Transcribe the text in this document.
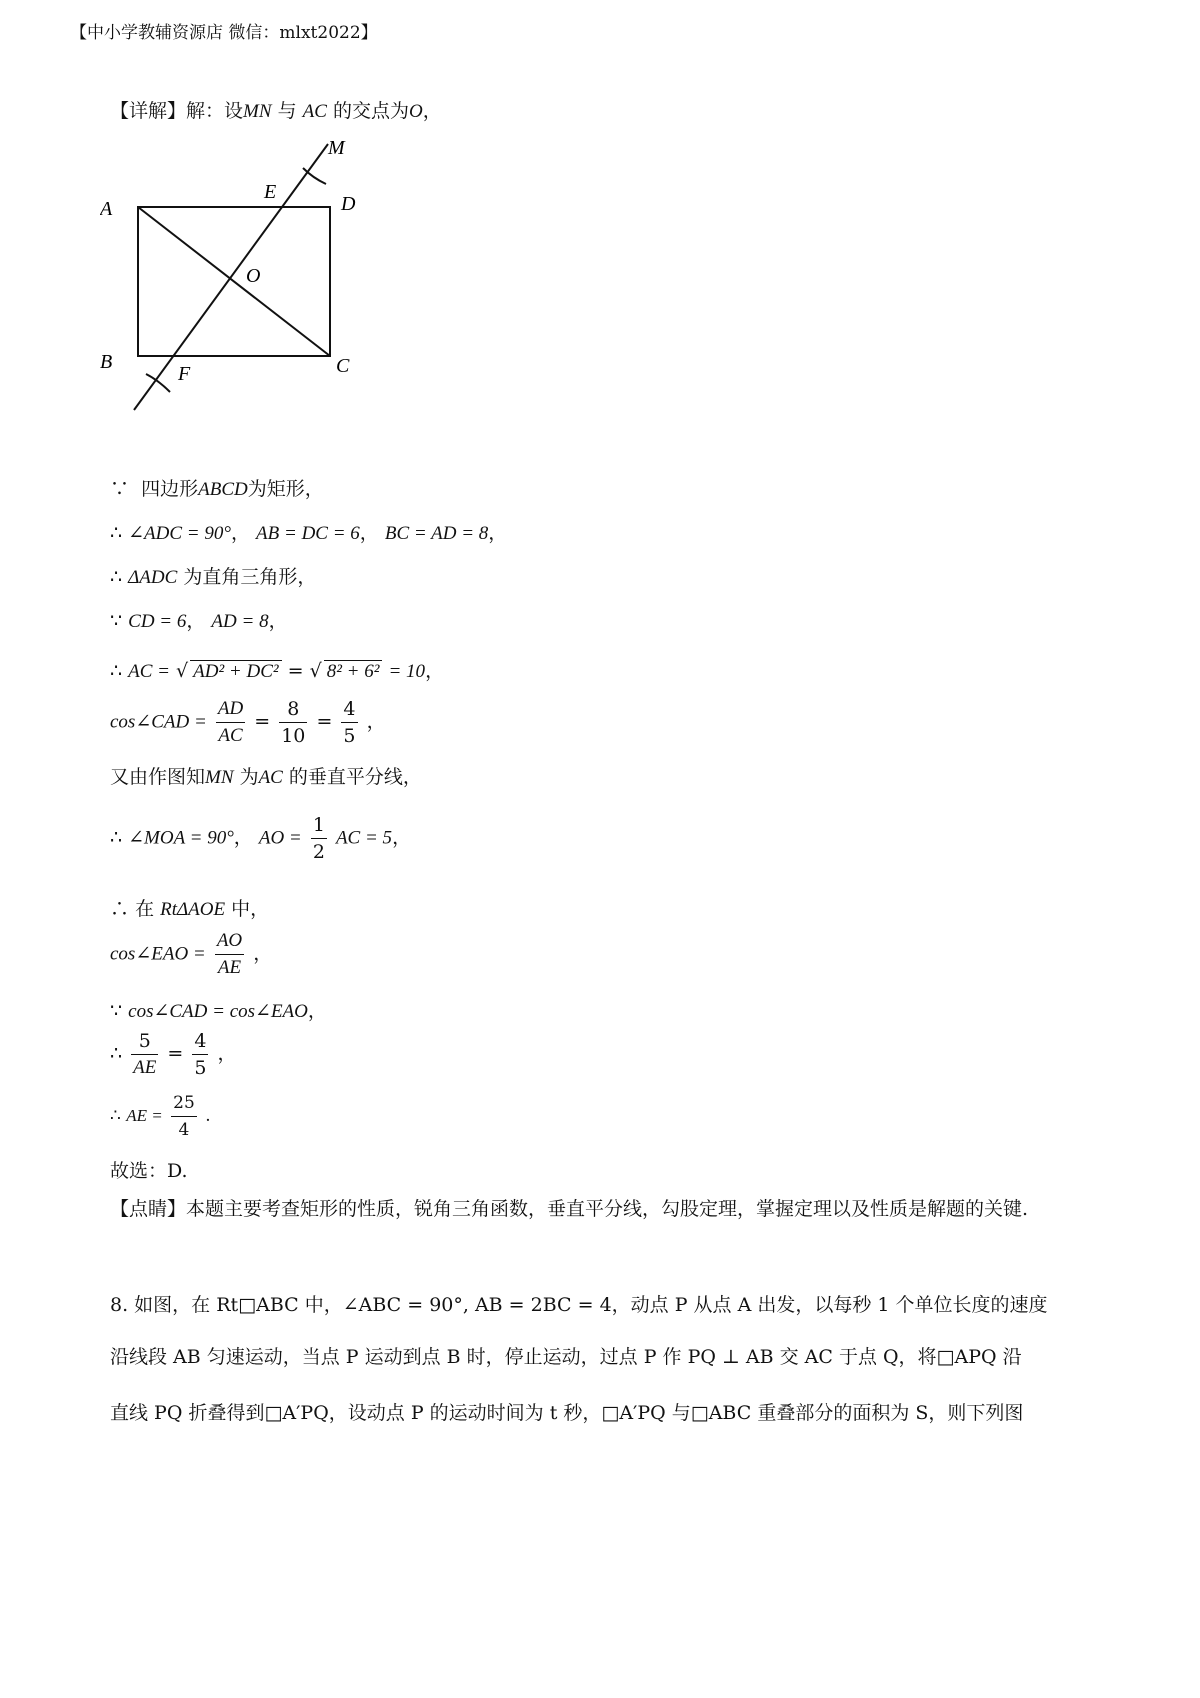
【中小学教辅资源店 微信：mlxt2022】
【详解】解：设MN 与 AC 的交点为O，
A
B	C
D
E
F
O
M
∵ 四边形ABCD为矩形，
∴ ∠ADC = 90°， AB = DC = 6， BC = AD = 8，
∴ ΔADC 为直角三角形，
∵ CD = 6， AD = 8，
∴ AC = √ AD² + DC² = √ 8² + 6² = 10，
cos∠CAD = $\frac{AD}{AC} = \frac{8}{10} = \frac{4}{5}$ ，
又由作图知MN 为AC 的垂直平分线，
∴ ∠MOA = 90°， AO = $\frac{1}{2}$ AC = 5，
∴ 在 RtΔAOE 中，
cos∠EAO = $\frac{AO}{AE}$ ，
∵ cos∠CAD = cos∠EAO，
∴ $\frac{5}{AE} = \frac{4}{5}$ ，
∴ AE = $\frac{25}{4}$ .
故选：D.
【点睛】本题主要考查矩形的性质，锐角三角函数，垂直平分线，勾股定理，掌握定理以及性质是解题的关键.
8. 如图，在 Rt□ABC 中，∠ABC = 90°, AB = 2BC = 4，动点 P 从点 A 出发，以每秒 1 个单位长度的速度
沿线段 AB 匀速运动，当点 P 运动到点 B 时，停止运动，过点 P 作 PQ ⊥ AB 交 AC 于点 Q，将□APQ 沿
直线 PQ 折叠得到□A′PQ，设动点 P 的运动时间为 t 秒，□A′PQ 与□ABC 重叠部分的面积为 S，则下列图
